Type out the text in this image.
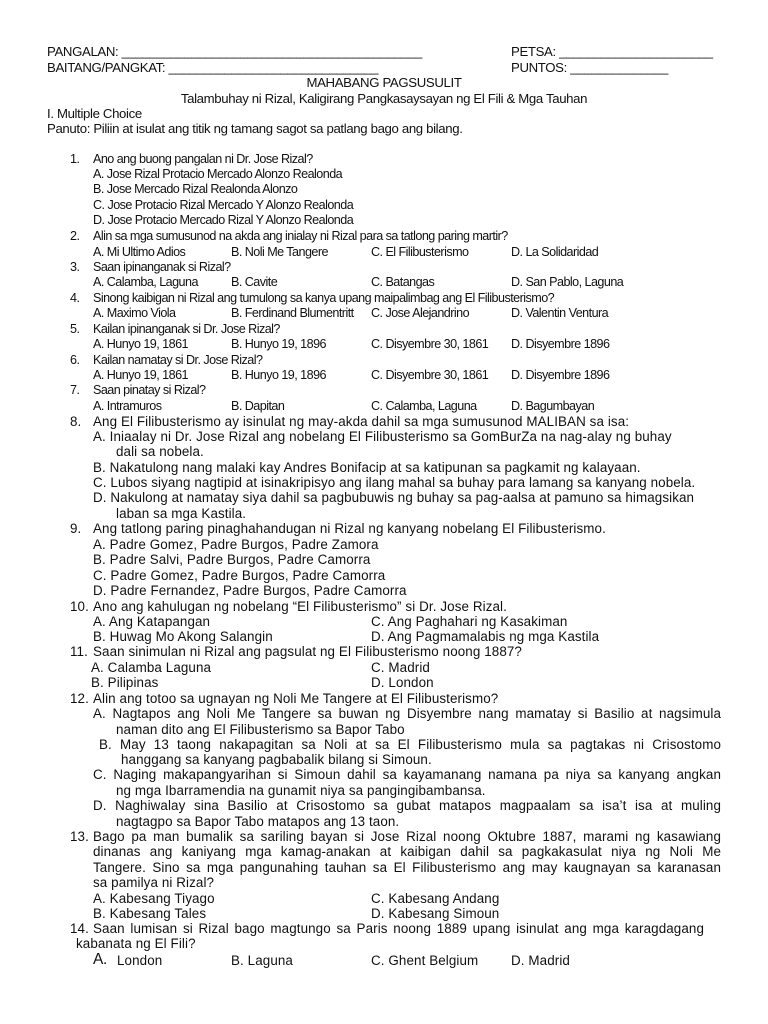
PANGALAN: ___________________________________________
BAITANG/PANGKAT: ______________________________
PETSA: ______________________
PUNTOS: ______________
MAHABANG PAGSUSULIT
Talambuhay ni Rizal, Kaligirang Pangkasaysayan ng El Fili & Mga Tauhan
I. Multiple Choice
Panuto: Piliin at isulat ang titik ng tamang sagot sa patlang bago ang bilang.
1. Ano ang buong pangalan ni Dr. Jose Rizal?
A. Jose Rizal Protacio Mercado Alonzo Realonda
B. Jose Mercado Rizal Realonda Alonzo
C. Jose Protacio Rizal Mercado Y Alonzo Realonda
D. Jose Protacio Mercado Rizal Y Alonzo Realonda
2. Alin sa mga sumusunod na akda ang inialay ni Rizal para sa tatlong paring martir?
A. Mi Ultimo Adios	B. Noli Me Tangere	C. El Filibusterismo	D. La Solidaridad
3. Saan ipinanganak si Rizal?
A. Calamba, Laguna	B. Cavite	C. Batangas	D. San Pablo, Laguna
4. Sinong kaibigan ni Rizal ang tumulong sa kanya upang maipalimbag ang El Filibusterismo?
A. Maximo Viola	B. Ferdinand Blumentritt C. Jose Alejandrino	D. Valentin Ventura
5. Kailan ipinanganak si Dr. Jose Rizal?
A. Hunyo 19, 1861	B. Hunyo 19, 1896	C. Disyembre 30, 1861 D. Disyembre 1896
6. Kailan namatay si Dr. Jose Rizal?
A. Hunyo 19, 1861	B. Hunyo 19, 1896	C. Disyembre 30, 1861 D. Disyembre 1896
7. Saan pinatay si Rizal?
A. Intramuros	B. Dapitan	C. Calamba, Laguna	D. Bagumbayan
8. Ang El Filibusterismo ay isinulat ng may-akda dahil sa mga sumusunod MALIBAN sa isa:
A. Iniaalay ni Dr. Jose Rizal ang nobelang El Filibusterismo sa GomBurZa na nag-alay ng buhay
dali sa nobela.
B. Nakatulong nang malaki kay Andres Bonifacip at sa katipunan sa pagkamit ng kalayaan.
C. Lubos siyang nagtipid at isinakripisyo ang ilang mahal sa buhay para lamang sa kanyang nobela.
D. Nakulong at namatay siya dahil sa pagbubuwis ng buhay sa pag-aalsa at pamuno sa himagsikan
laban sa mga Kastila.
9. Ang tatlong paring pinaghahandugan ni Rizal ng kanyang nobelang El Filibusterismo.
A. Padre Gomez, Padre Burgos, Padre Zamora
B. Padre Salvi, Padre Burgos, Padre Camorra
C. Padre Gomez, Padre Burgos, Padre Camorra
D. Padre Fernandez, Padre Burgos, Padre Camorra
10. Ano ang kahulugan ng nobelang “El Filibusterismo” si Dr. Jose Rizal.
A. Ang Katapangan	C. Ang Paghahari ng Kasakiman
B. Huwag Mo Akong Salangin	D. Ang Pagmamalabis ng mga Kastila
11. Saan sinimulan ni Rizal ang pagsulat ng El Filibusterismo noong 1887?
A. Calamba Laguna	C. Madrid
B. Pilipinas	D. London
12. Alin ang totoo sa ugnayan ng Noli Me Tangere at El Filibusterismo?
A. Nagtapos ang Noli Me Tangere sa buwan ng Disyembre nang mamatay si Basilio at nagsimula
naman dito ang El Filibusterismo sa Bapor Tabo
B. May 13 taong nakapagitan sa Noli at sa El Filibusterismo mula sa pagtakas ni Crisostomo
hanggang sa kanyang pagbabalik bilang si Simoun.
C. Naging makapangyarihan si Simoun dahil sa kayamanang namana pa niya sa kanyang angkan
ng mga Ibarramendia na gunamit niya sa pangingibambansa.
D. Naghiwalay sina Basilio at Crisostomo sa gubat matapos magpaalam sa isa’t isa at muling
nagtagpo sa Bapor Tabo matapos ang 13 taon.
13. Bago pa man bumalik sa sariling bayan si Jose Rizal noong Oktubre 1887, marami ng kasawiang
dinanas ang kaniyang mga kamag-anakan at kaibigan dahil sa pagkakasulat niya ng Noli Me
Tangere. Sino sa mga pangunahing tauhan sa El Filibusterismo ang may kaugnayan sa karanasan
sa pamilya ni Rizal?
A. Kabesang Tiyago	C. Kabesang Andang
B. Kabesang Tales	D. Kabesang Simoun
14. Saan lumisan si Rizal bago magtungo sa Paris noong 1889 upang isinulat ang mga karagdagang
kabanata ng El Fili?
A. London	B. Laguna	C. Ghent Belgium D. Madrid
